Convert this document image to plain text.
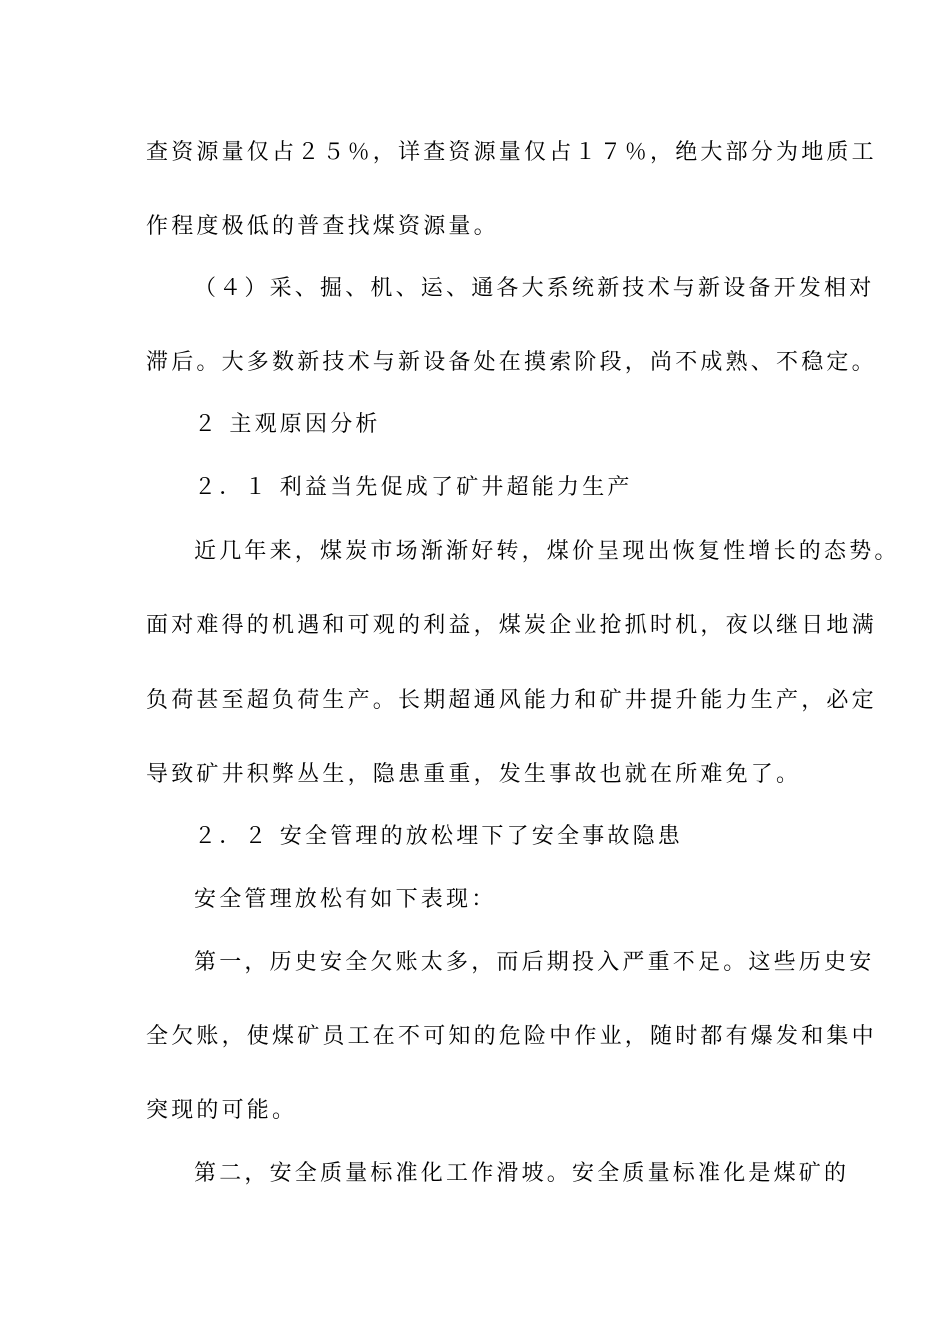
查资源量仅占２５％，详查资源量仅占１７％，绝大部分为地质工
作程度极低的普查找煤资源量。
（４）采、掘、机、运、通各大系统新技术与新设备开发相对
滞后。大多数新技术与新设备处在摸索阶段，尚不成熟、不稳定。
２ 主观原因分析
２．１ 利益当先促成了矿井超能力生产
近几年来，煤炭市场渐渐好转，煤价呈现出恢复性增长的态势。
面对难得的机遇和可观的利益，煤炭企业抢抓时机，夜以继日地满
负荷甚至超负荷生产。长期超通风能力和矿井提升能力生产，必定
导致矿井积弊丛生，隐患重重，发生事故也就在所难免了。
２．２ 安全管理的放松埋下了安全事故隐患
安全管理放松有如下表现：
第一，历史安全欠账太多，而后期投入严重不足。这些历史安
全欠账，使煤矿员工在不可知的危险中作业，随时都有爆发和集中
突现的可能。
第二，安全质量标准化工作滑坡。安全质量标准化是煤矿的
